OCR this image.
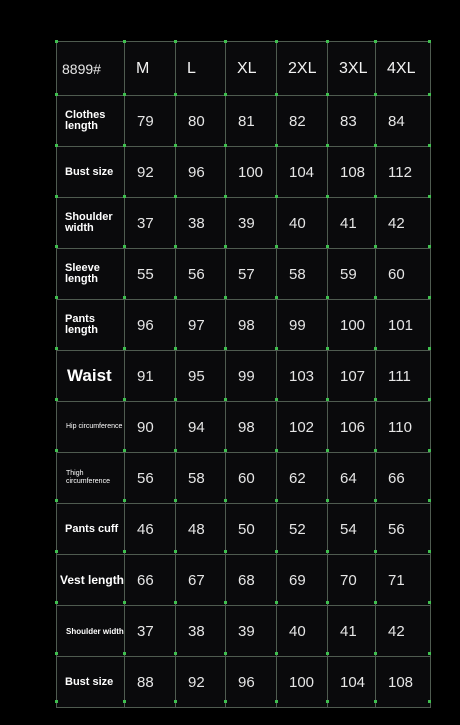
8899#	M	L	XL	2XL	3XL	4XL
Clothes length	79	80	81	82	83	84
Bust size	92	96	100	104	108	112
Shoulder width	37	38	39	40	41	42
Sleeve length	55	56	57	58	59	60
Pants length	96	97	98	99	100	101
Waist	91	95	99	103	107	111
Hip circumference	90	94	98	102	106	110
Thigh circumference	56	58	60	62	64	66
Pants cuff	46	48	50	52	54	56
Vest length	66	67	68	69	70	71
Shoulder width	37	38	39	40	41	42
Bust size	88	92	96	100	104	108
